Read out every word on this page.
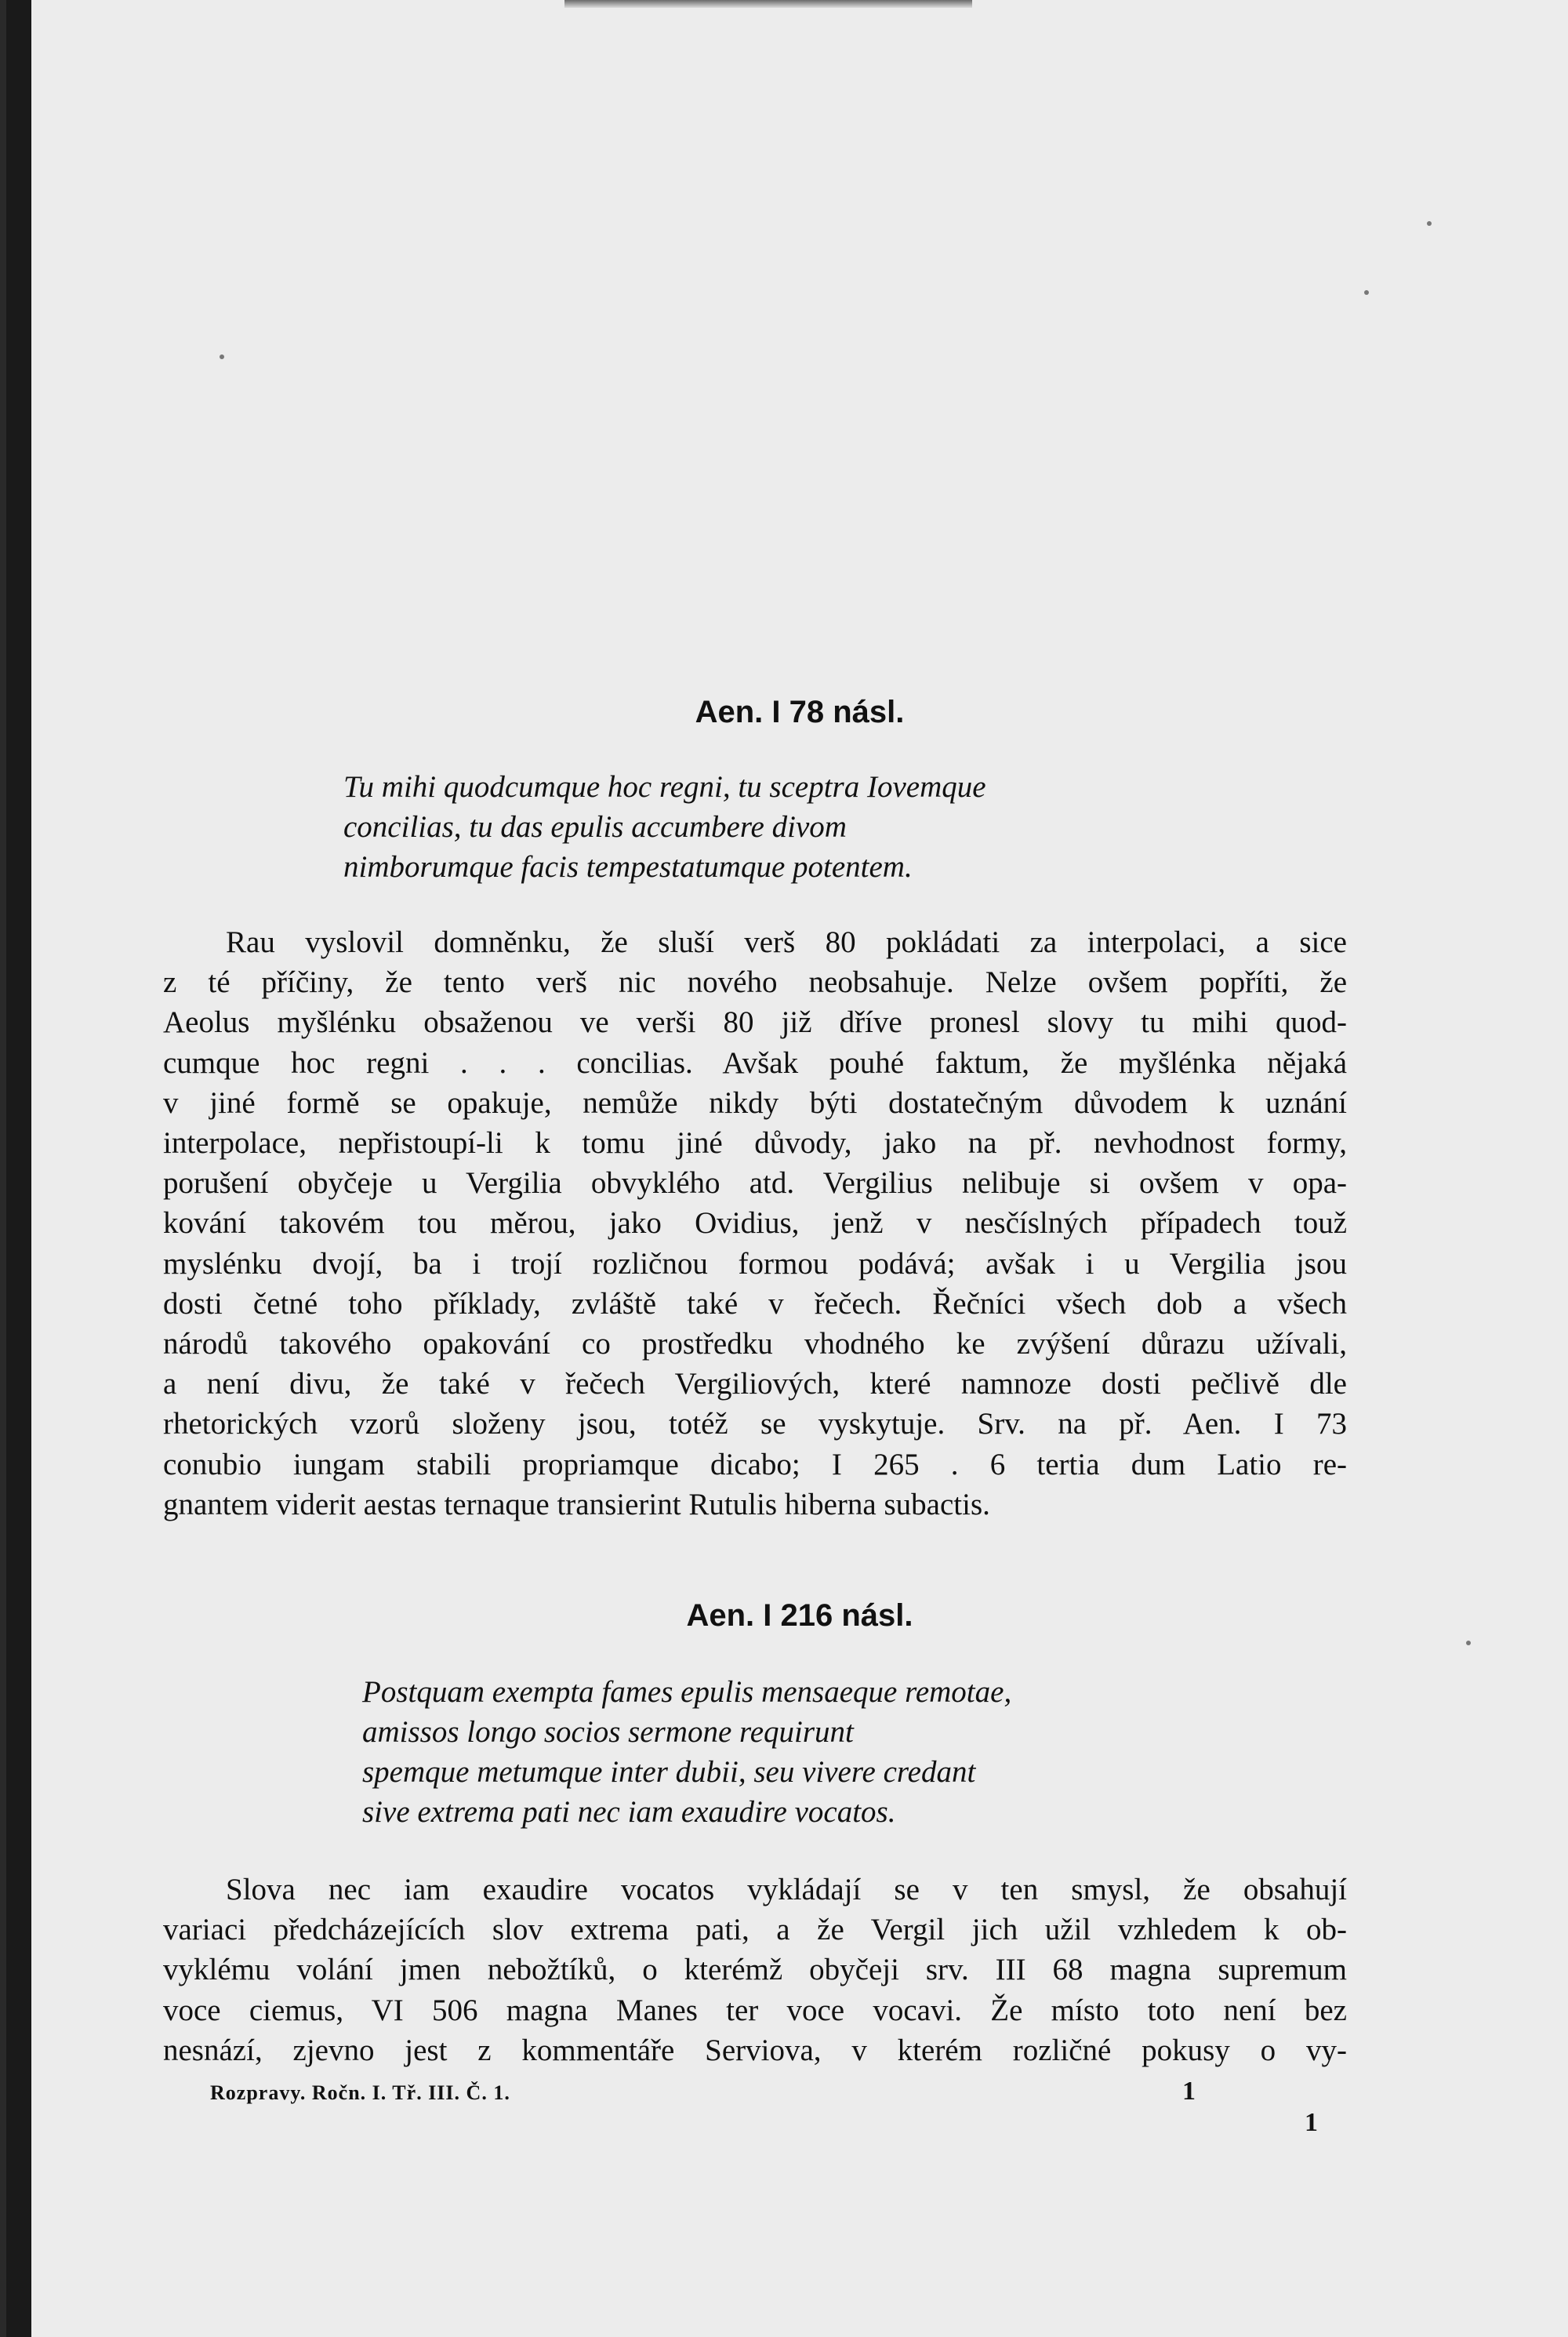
Aen. I 78 násl.
Tu mihi quodcumque hoc regni, tu sceptra Iovemque
concilias, tu das epulis accumbere divom
nimborumque facis tempestatumque potentem.
Rau vyslovil domněnku, že sluší verš 80 pokládati za interpolaci, a sice
z té příčiny, že tento verš nic nového neobsahuje. Nelze ovšem popříti, že
Aeolus myšlénku obsaženou ve verši 80 již dříve pronesl slovy tu mihi quod-
cumque hoc regni . . . concilias. Avšak pouhé faktum, že myšlénka nějaká
v jiné formě se opakuje, nemůže nikdy býti dostatečným důvodem k uznání
interpolace, nepřistoupí-li k tomu jiné důvody, jako na př. nevhodnost formy,
porušení obyčeje u Vergilia obvyklého atd. Vergilius nelibuje si ovšem v opa-
kování takovém tou měrou, jako Ovidius, jenž v nesčíslných případech touž
myslénku dvojí, ba i trojí rozličnou formou podává; avšak i u Vergilia jsou
dosti četné toho příklady, zvláště také v řečech. Řečníci všech dob a všech
národů takového opakování co prostředku vhodného ke zvýšení důrazu užívali,
a není divu, že také v řečech Vergiliových, které namnoze dosti pečlivě dle
rhetorických vzorů složeny jsou, totéž se vyskytuje. Srv. na př. Aen. I 73
conubio iungam stabili propriamque dicabo; I 265 . 6 tertia dum Latio re-
gnantem viderit aestas ternaque transierint Rutulis hiberna subactis.
Aen. I 216 násl.
Postquam exempta fames epulis mensaeque remotae,
amissos longo socios sermone requirunt
spemque metumque inter dubii, seu vivere credant
sive extrema pati nec iam exaudire vocatos.
Slova nec iam exaudire vocatos vykládají se v ten smysl, že obsahují
variaci předcházejících slov extrema pati, a že Vergil jich užil vzhledem k ob-
vyklému volání jmen nebožtíků, o kterémž obyčeji srv. III 68 magna supremum
voce ciemus, VI 506 magna Manes ter voce vocavi. Že místo toto není bez
nesnází, zjevno jest z kommentáře Serviova, v kterém rozličné pokusy o vy-
Rozpravy. Ročn. I. Tř. III. Č. 1.	1
1
